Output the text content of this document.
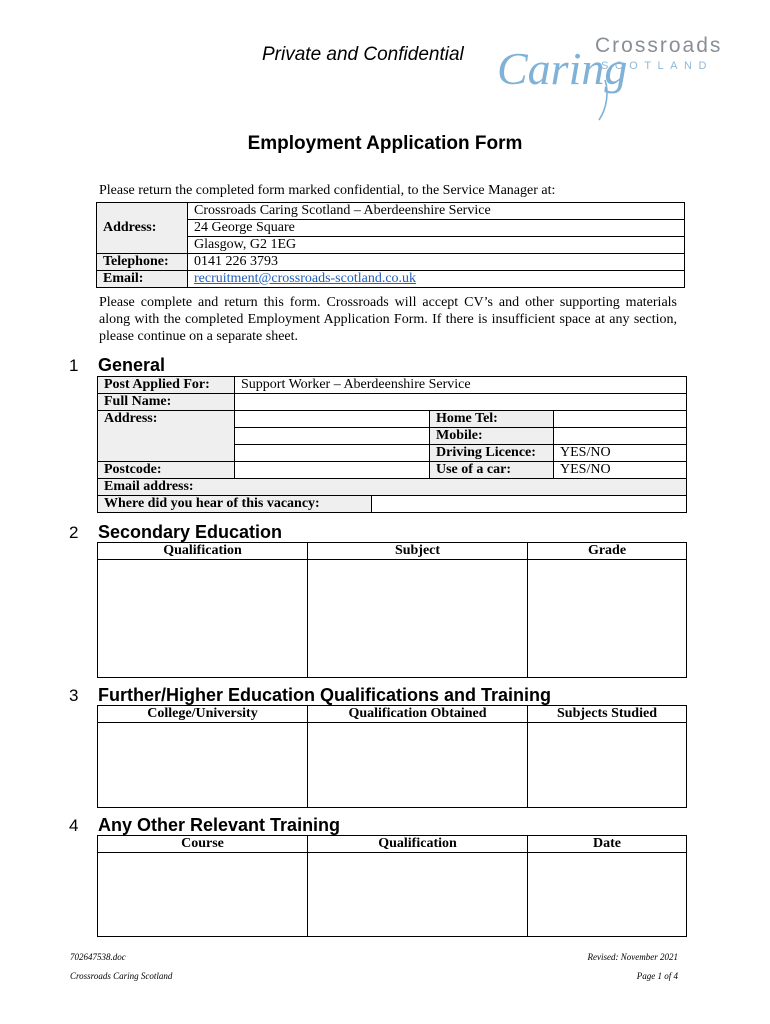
Private and Confidential	Crossroads
SCOTLAND
Caring
Employment Application Form
Please return the completed form marked confidential, to the Service Manager at:
Address:	Crossroads Caring Scotland – Aberdeenshire Service
	24 George Square
	Glasgow, G2 1EG
Telephone:	0141 226 3793
Email:	recruitment@crossroads-scotland.co.uk
Please complete and return this form. Crossroads will accept CV’s and other supporting materials along with the completed Employment Application Form. If there is insufficient space at any section, please continue on a separate sheet.
1 General
Post Applied For:	Support Worker – Aberdeenshire Service			
Full Name:				
Address:			Home Tel:	
			Mobile:	
			Driving Licence:	YES/NO
Postcode:			Use of a car:	YES/NO
Email address:				
Where did you hear of this vacancy:				
2 Secondary Education
Qualification	Subject	Grade

3 Further/Higher Education Qualifications and Training
College/University	Qualification Obtained	Subjects Studied

4 Any Other Relevant Training
Course	Qualification	Date

702647538.doc
Crossroads Caring Scotland
Revised: November 2021
Page 1 of 4
